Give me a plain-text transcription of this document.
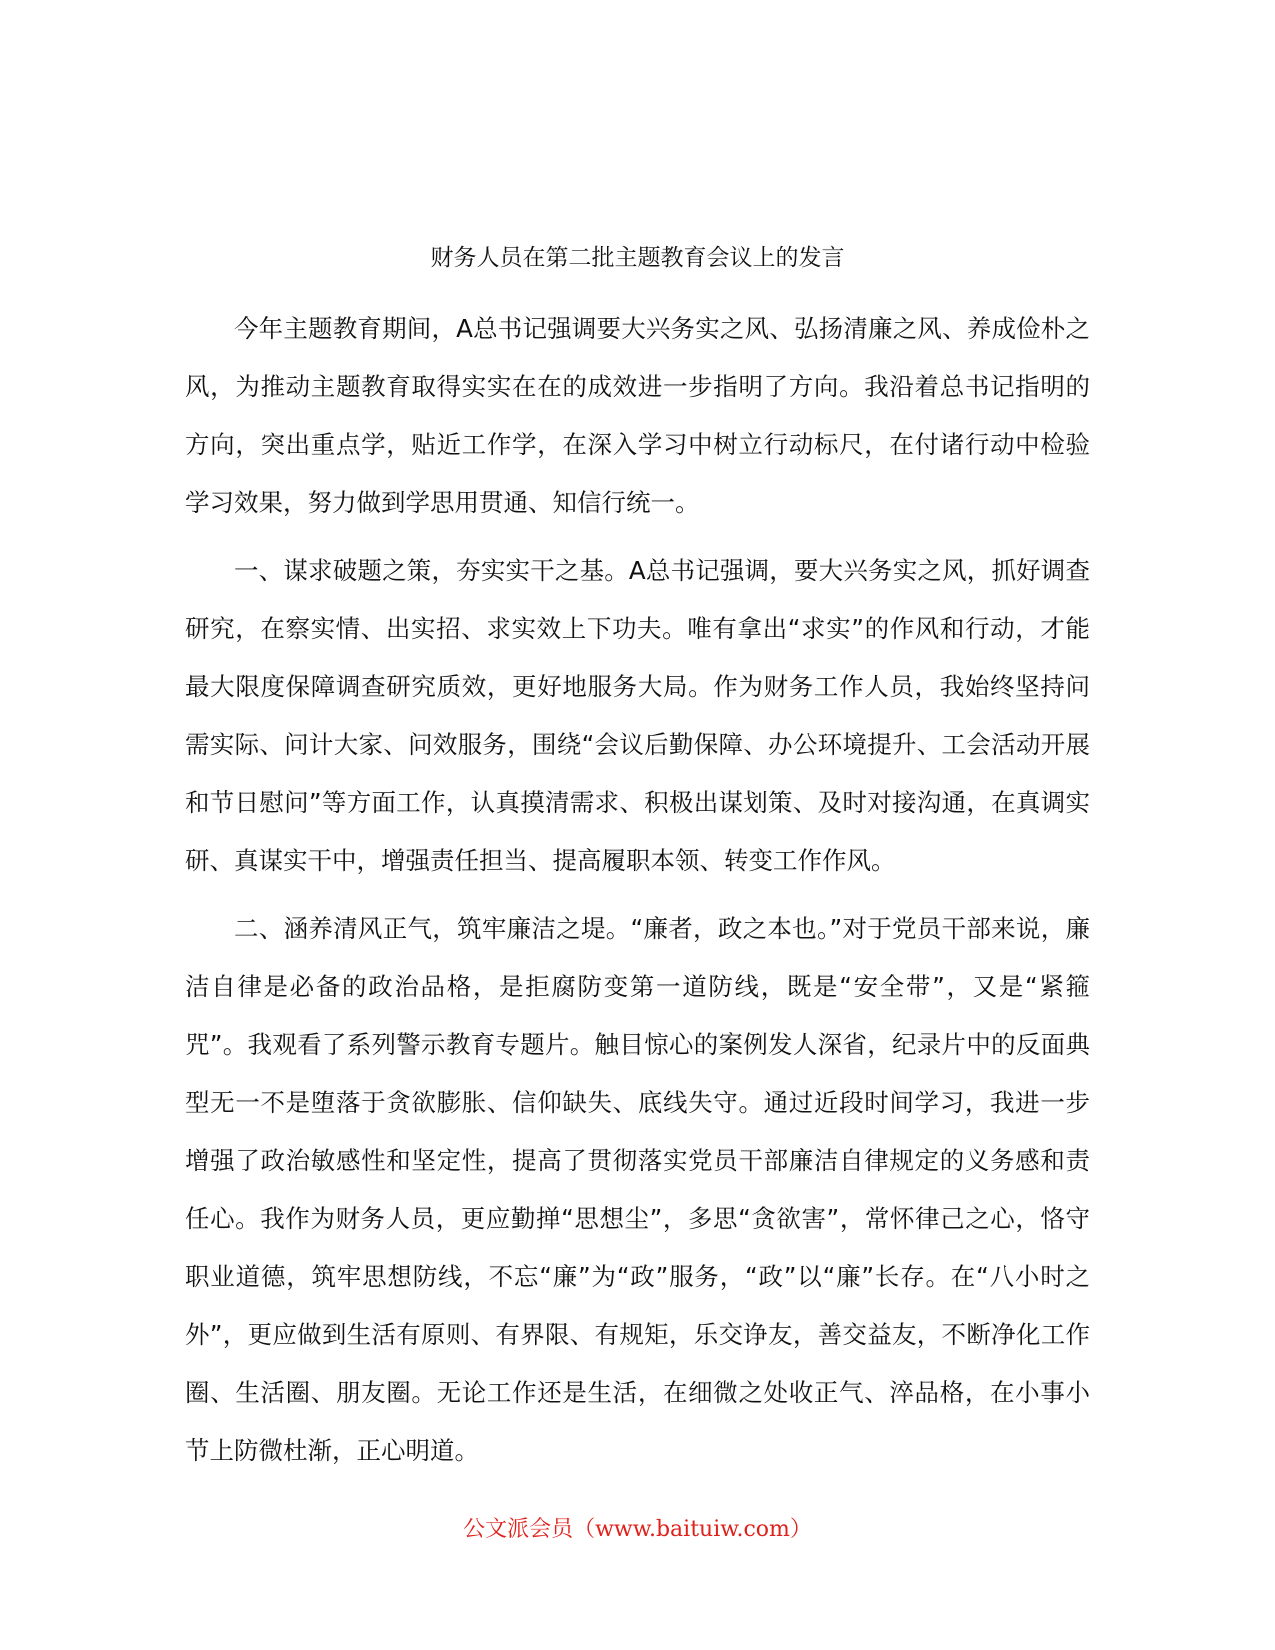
财务人员在第二批主题教育会议上的发言

今年主题教育期间，A总书记强调要大兴务实之风、弘扬清廉之风、养成俭朴之风，为推动主题教育取得实实在在的成效进一步指明了方向。我沿着总书记指明的方向，突出重点学，贴近工作学，在深入学习中树立行动标尺，在付诸行动中检验学习效果，努力做到学思用贯通、知信行统一。

一、谋求破题之策，夯实实干之基。A总书记强调，要大兴务实之风，抓好调查研究，在察实情、出实招、求实效上下功夫。唯有拿出“求实”的作风和行动，才能最大限度保障调查研究质效，更好地服务大局。作为财务工作人员，我始终坚持问需实际、问计大家、问效服务，围绕“会议后勤保障、办公环境提升、工会活动开展和节日慰问”等方面工作，认真摸清需求、积极出谋划策、及时对接沟通，在真调实研、真谋实干中，增强责任担当、提高履职本领、转变工作作风。

二、涵养清风正气，筑牢廉洁之堤。“廉者，政之本也。”对于党员干部来说，廉洁自律是必备的政治品格，是拒腐防变第一道防线，既是“安全带”，又是“紧箍咒”。我观看了系列警示教育专题片。触目惊心的案例发人深省，纪录片中的反面典型无一不是堕落于贪欲膨胀、信仰缺失、底线失守。通过近段时间学习，我进一步增强了政治敏感性和坚定性，提高了贯彻落实党员干部廉洁自律规定的义务感和责任心。我作为财务人员，更应勤掸“思想尘”，多思“贪欲害”，常怀律己之心，恪守职业道德，筑牢思想防线，不忘“廉”为“政”服务，“政”以“廉”长存。在“八小时之外”，更应做到生活有原则、有界限、有规矩，乐交诤友，善交益友，不断净化工作圈、生活圈、朋友圈。无论工作还是生活，在细微之处收正气、淬品格，在小事小节上防微杜渐，正心明道。

公文派会员（www.baituiw.com）
